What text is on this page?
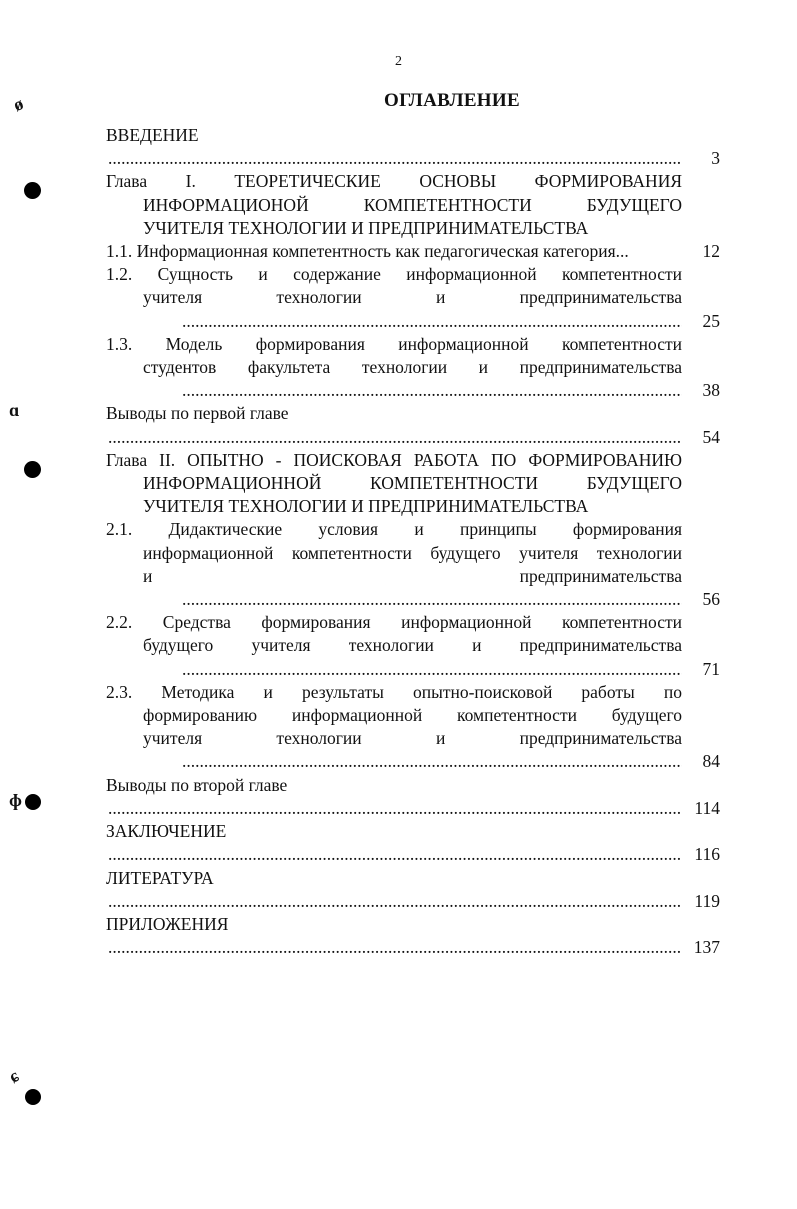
2
ОГЛАВЛЕНИЕ
ВВЕДЕНИЕ
.....
3
Глава I. ТЕОРЕТИЧЕСКИЕ ОСНОВЫ ФОРМИРОВАНИЯ
ИНФОРМАЦИОНОЙ КОМПЕТЕНТНОСТИ БУДУЩЕГО
УЧИТЕЛЯ ТЕХНОЛОГИИ И ПРЕДПРИНИМАТЕЛЬСТВА
1.1. Информационная компетентность как педагогическая категория...	12
1.2. Сущность и содержание информационной компетентности
учителя технологии и предпринимательства
.....
25
1.3. Модель формирования информационной компетентности
студентов факультета технологии и предпринимательства
.....
38
Выводы по первой главе
.....
54
Глава II. ОПЫТНО - ПОИСКОВАЯ РАБОТА ПО ФОРМИРОВАНИЮ
ИНФОРМАЦИОННОЙ КОМПЕТЕНТНОСТИ БУДУЩЕГО
УЧИТЕЛЯ ТЕХНОЛОГИИ И ПРЕДПРИНИМАТЕЛЬСТВА
2.1. Дидактические условия и принципы формирования
информационной компетентности будущего учителя технологии
и предпринимательства
.....
56
2.2. Средства формирования информационной компетентности
будущего учителя технологии и предпринимательства
.....
71
2.3. Методика и результаты опытно-поисковой работы по
формированию информационной компетентности будущего
учителя технологии и предпринимательства
.....
84
Выводы по второй главе
.....
114
ЗАКЛЮЧЕНИЕ
.....
116
ЛИТЕРАТУРА
.....
119
ПРИЛОЖЕНИЯ
.....
137
ø
ɑ
ɸ
ɕ
